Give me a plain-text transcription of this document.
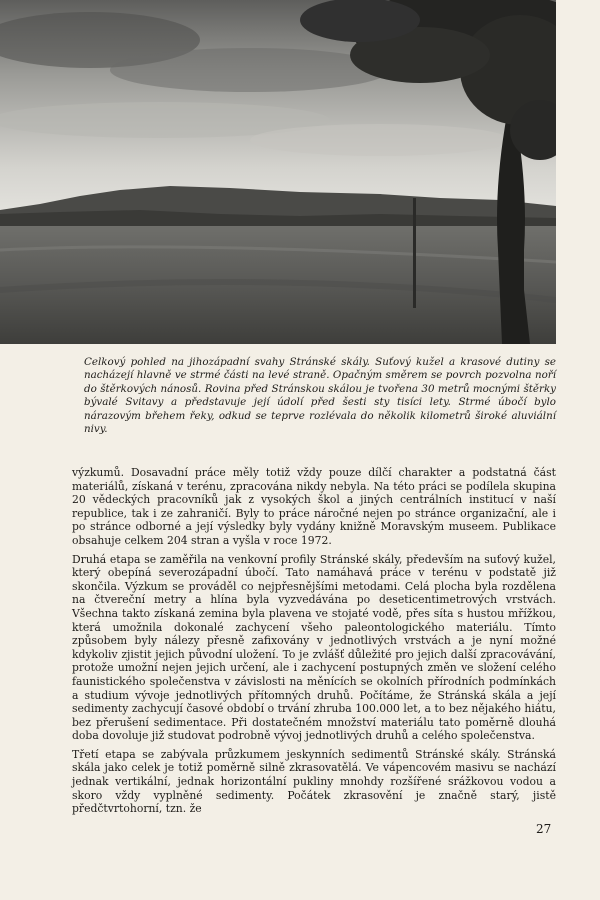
Celkový pohled na jihozápadní svahy Stránské skály. Suťový kužel a krasové dutiny se nacházejí hlavně ve strmé části na levé straně. Opačným směrem se povrch pozvolna noří do štěrkových nánosů. Rovina před Stránskou skálou je tvořena 30 metrů mocnými štěrky bývalé Svitavy a představuje její údolí před šesti sty tisíci lety. Strmé úbočí bylo nárazovým břehem řeky, odkud se teprve rozlévala do několik kilometrů široké aluviální nivy.

výzkumů. Dosavadní práce měly totiž vždy pouze dílčí charakter a podstatná část materiálů, získaná v terénu, zpracována nikdy nebyla. Na této práci se podílela skupina 20 vědeckých pracovníků jak z vysokých škol a jiných centrálních institucí v naší republice, tak i ze zahraničí. Byly to práce náročné nejen po stránce organizační, ale i po stránce odborné a její výsledky byly vydány knižně Moravským museem. Publikace obsahuje celkem 204 stran a vyšla v roce 1972.

Druhá etapa se zaměřila na venkovní profily Stránské skály, především na suťový kužel, který obepíná severozápadní úbočí. Tato namáhavá práce v terénu v podstatě již skončila. Výzkum se prováděl co nejpřesnějšími metodami. Celá plocha byla rozdělena na čtvereční metry a hlína byla vyzvedávána po deseticentimetrových vrstvách. Všechna takto získaná zemina byla plavena ve stojaté vodě, přes síta s hustou mřížkou, která umožnila dokonalé zachycení všeho paleontologického materiálu. Tímto způsobem byly nálezy přesně zafixovány v jednotlivých vrstvách a je nyní možné kdykoliv zjistit jejich původní uložení. To je zvlášť důležité pro jejich další zpracovávání, protože umožní nejen jejich určení, ale i zachycení postupných změn ve složení celého faunistického společenstva v závislosti na měnících se okolních přírodních podmínkách a studium vývoje jednotlivých přítomných druhů. Počítáme, že Stránská skála a její sedimenty zachycují časové období o trvání zhruba 100.000 let, a to bez nějakého hiátu, bez přerušení sedimentace. Při dostatečném množství materiálu tato poměrně dlouhá doba dovoluje již studovat podrobně vývoj jednotlivých druhů a celého společenstva.

Třetí etapa se zabývala průzkumem jeskynních sedimentů Stránské skály. Stránská skála jako celek je totiž poměrně silně zkrasovatělá. Ve vápencovém masivu se nachází jednak vertikální, jednak horizontální pukliny mnohdy rozšířené srážkovou vodou a skoro vždy vyplněné sedimenty. Počátek zkrasovění je značně starý, jistě předčtvrtohorní, tzn. že

27
